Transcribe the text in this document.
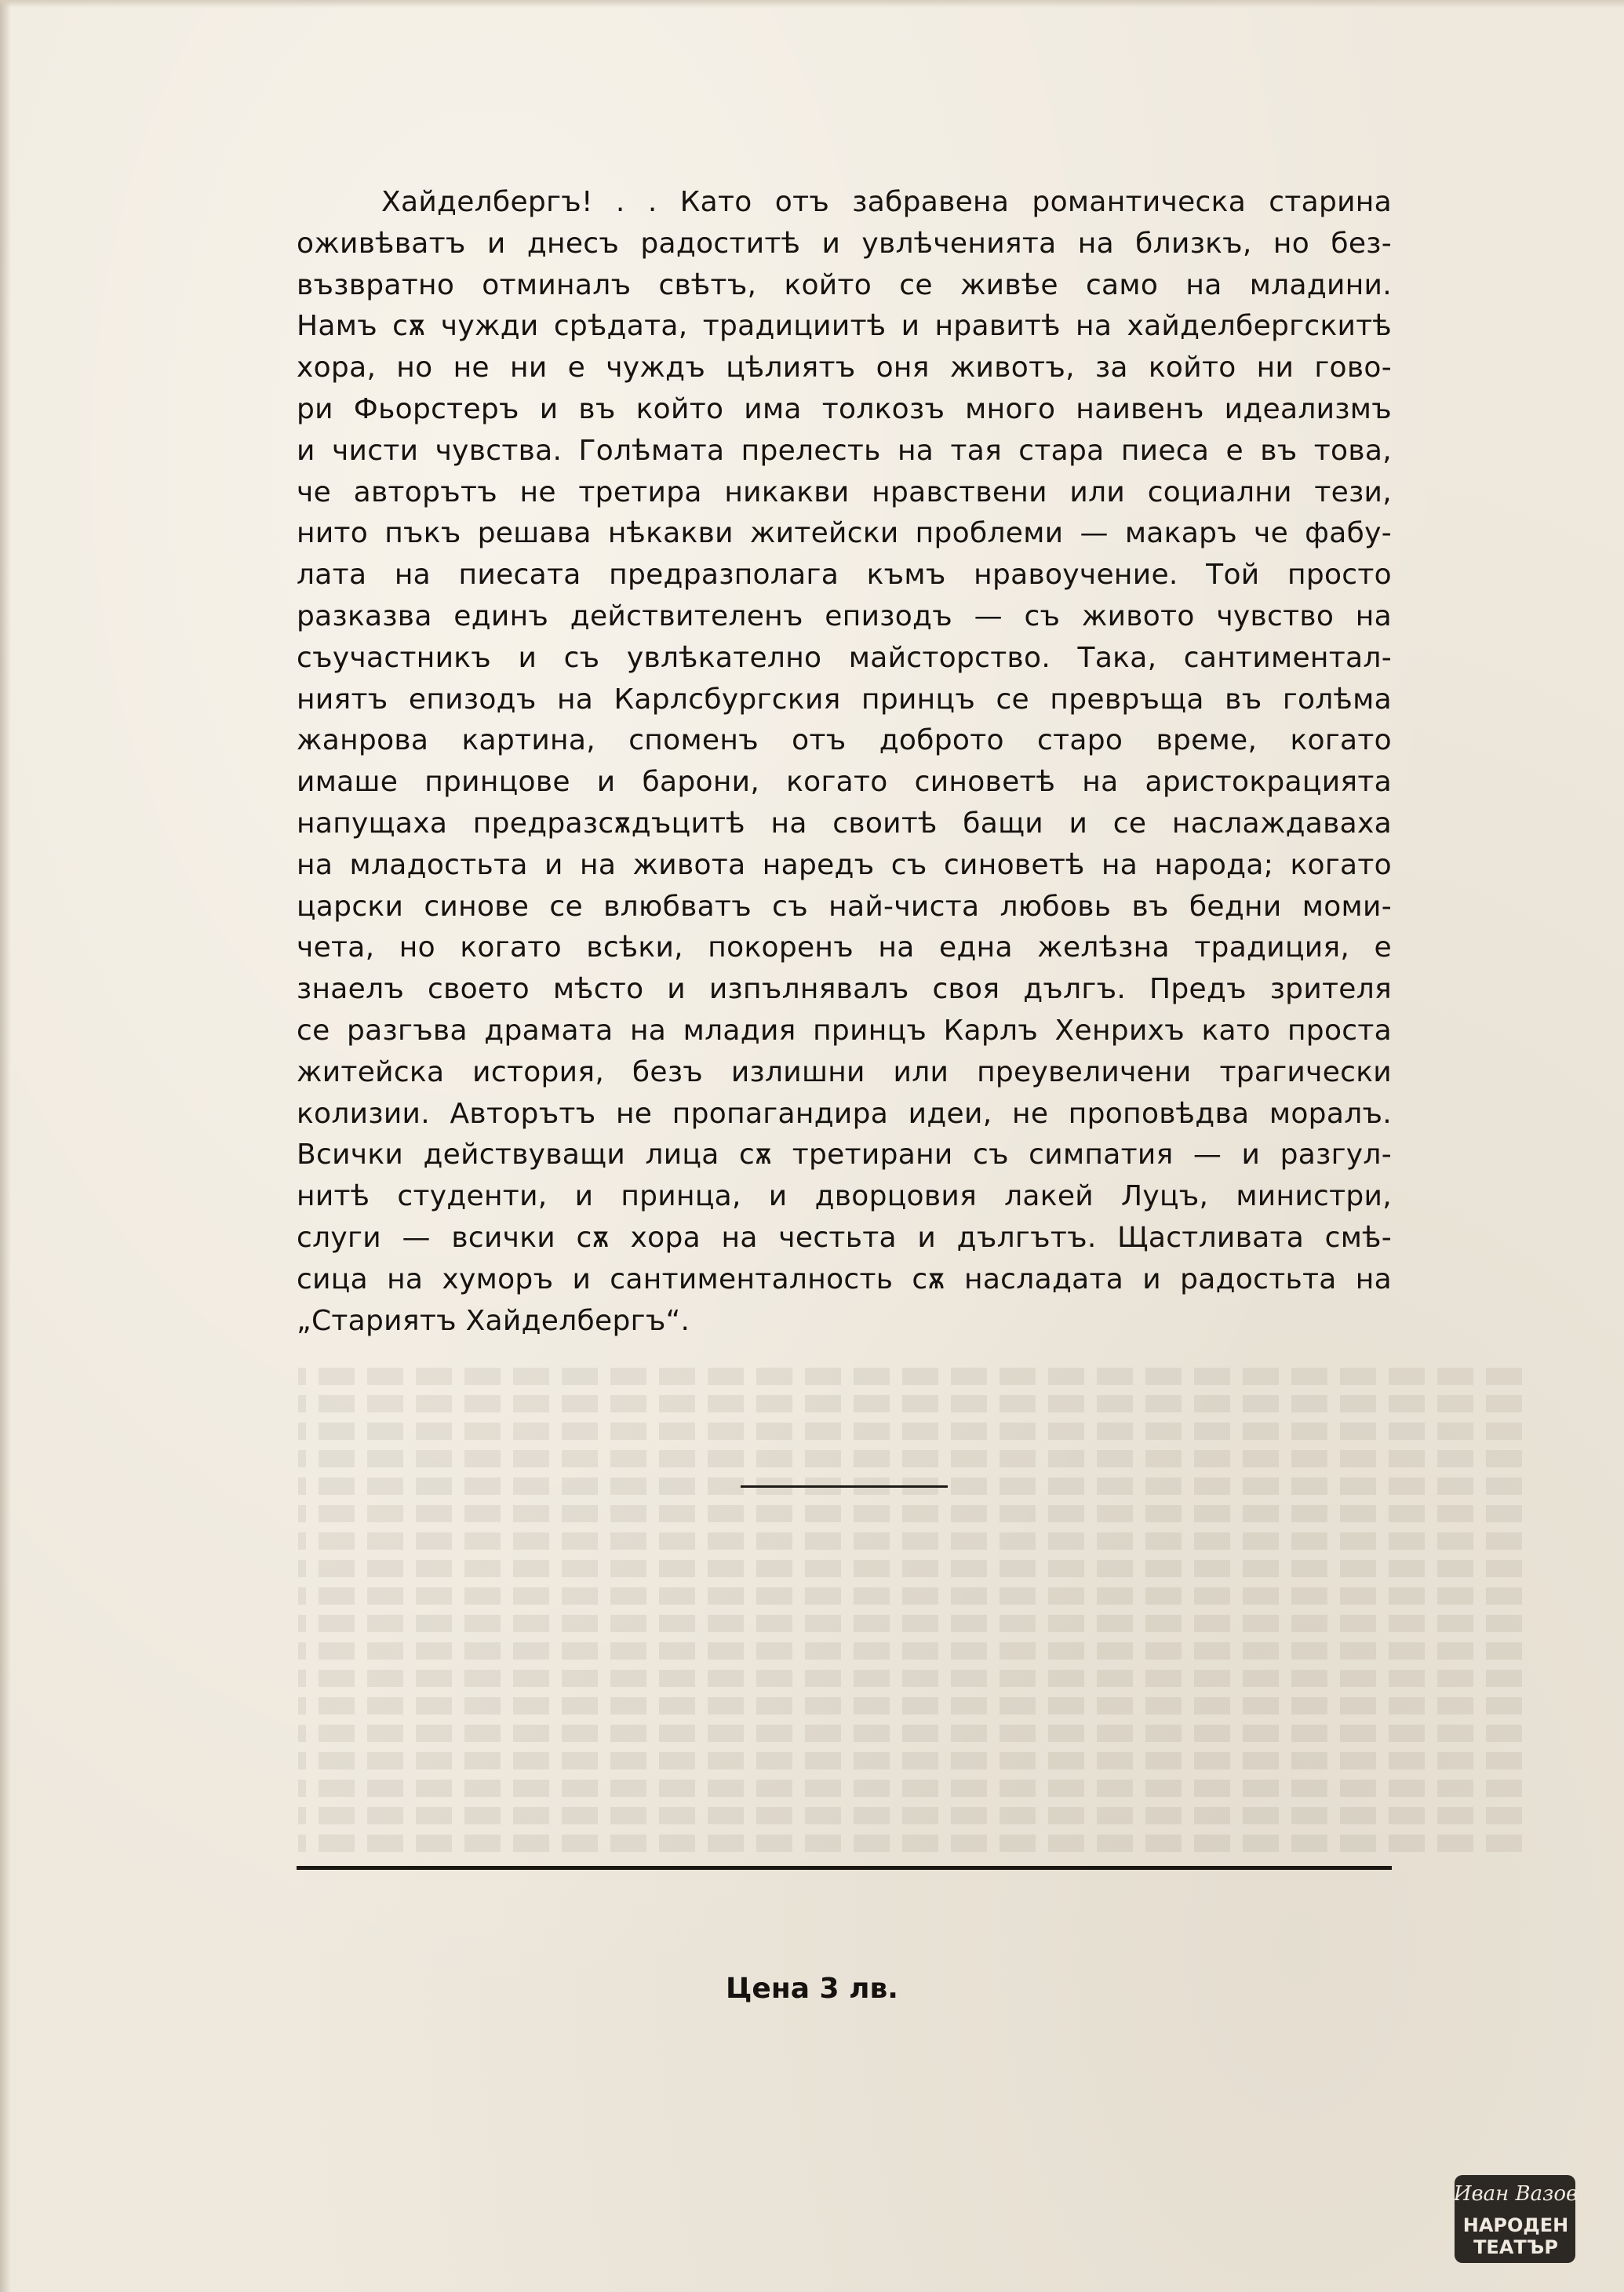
Хайделбергъ! . . Като отъ забравена романтическа старина
оживѣватъ и днесъ радоститѣ и увлѣченията на близкъ, но без-
възвратно отминалъ свѣтъ, който се живѣе само на младини.
Намъ сѫ чужди срѣдата, традициитѣ и нравитѣ на хайделбергскитѣ
хора, но не ни е чуждъ цѣлиятъ оня животъ, за който ни гово-
ри Фьорстеръ и въ който има толкозъ много наивенъ идеализмъ
и чисти чувства. Голѣмата прелесть на тая стара пиеса е въ това,
че авторътъ не третира никакви нравствени или социални тези,
нито пъкъ решава нѣкакви житейски проблеми — макаръ че фабу-
лата на пиесата предразполага къмъ нравоучение. Той просто
разказва единъ действителенъ епизодъ — съ живото чувство на
съучастникъ и съ увлѣкателно майсторство. Така, сантиментал-
ниятъ епизодъ на Карлсбургския принцъ се превръща въ голѣма
жанрова картина, споменъ отъ доброто старо време, когато
имаше принцове и барони, когато синоветѣ на аристокрацията
напущаха предразсѫдъцитѣ на своитѣ бащи и се наслаждаваха
на младостьта и на живота наредъ съ синоветѣ на народа; когато
царски синове се влюбватъ съ най-чиста любовь въ бедни моми-
чета, но когато всѣки, покоренъ на една желѣзна традиция, е
знаелъ своето мѣсто и изпълнявалъ своя дългъ. Предъ зрителя
се разгъва драмата на младия принцъ Карлъ Хенрихъ като проста
житейска история, безъ излишни или преувеличени трагически
колизии. Авторътъ не пропагандира идеи, не проповѣдва моралъ.
Всички действуващи лица сѫ третирани съ симпатия — и разгул-
нитѣ студенти, и принца, и дворцовия лакей Луцъ, министри,
слуги — всички сѫ хора на честьта и дългътъ. Щастливата смѣ-
сица на хуморъ и сантименталность сѫ насладата и радостьта на
„Стариятъ Хайделбергъ“.
Цена 3 лв.
Иван Вазов
НАРОДЕН
ТЕАТЪР
